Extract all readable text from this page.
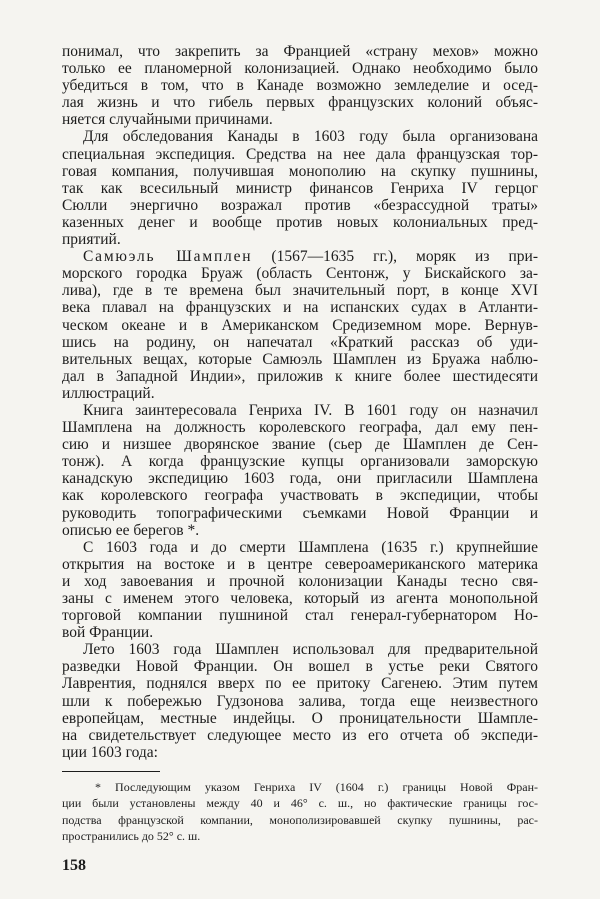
понимал, что закрепить за Францией «страну мехов» можно
только ее планомерной колонизацией. Однако необходимо было
убедиться в том, что в Канаде возможно земледелие и осед-
лая жизнь и что гибель первых французских колоний объяс-
няется случайными причинами.
Для обследования Канады в 1603 году была организована
специальная экспедиция. Средства на нее дала французская тор-
говая компания, получившая монополию на скупку пушнины,
так как всесильный министр финансов Генриха IV герцог
Сюлли энергично возражал против «безрассудной траты»
казенных денег и вообще против новых колониальных пред-
приятий.
Самюэль Шамплен (1567—1635 гг.), моряк из при-
морского городка Бруаж (область Сентонж, у Бискайского за-
лива), где в те времена был значительный порт, в конце XVI
века плавал на французских и на испанских судах в Атланти-
ческом океане и в Американском Средиземном море. Вернув-
шись на родину, он напечатал «Краткий рассказ об уди-
вительных вещах, которые Самюэль Шамплен из Бруажа наблю-
дал в Западной Индии», приложив к книге более шестидесяти
иллюстраций.
Книга заинтересовала Генриха IV. В 1601 году он назначил
Шамплена на должность королевского географа, дал ему пен-
сию и низшее дворянское звание (сьер де Шамплен де Сен-
тонж). А когда французские купцы организовали заморскую
канадскую экспедицию 1603 года, они пригласили Шамплена
как королевского географа участвовать в экспедиции, чтобы
руководить топографическими съемками Новой Франции и
описью ее берегов *.
С 1603 года и до смерти Шамплена (1635 г.) крупнейшие
открытия на востоке и в центре североамериканского материка
и ход завоевания и прочной колонизации Канады тесно свя-
заны с именем этого человека, который из агента монопольной
торговой компании пушниной стал генерал-губернатором Но-
вой Франции.
Лето 1603 года Шамплен использовал для предварительной
разведки Новой Франции. Он вошел в устье реки Святого
Лаврентия, поднялся вверх по ее притоку Сагенею. Этим путем
шли к побережью Гудзонова залива, тогда еще неизвестного
европейцам, местные индейцы. О проницательности Шампле-
на свидетельствует следующее место из его отчета об экспеди-
ции 1603 года:
* Последующим указом Генриха IV (1604 г.) границы Новой Фран-
ции были установлены между 40 и 46° с. ш., но фактические границы гос-
подства французской компании, монополизировавшей скупку пушнины, рас-
пространились до 52° с. ш.
158
